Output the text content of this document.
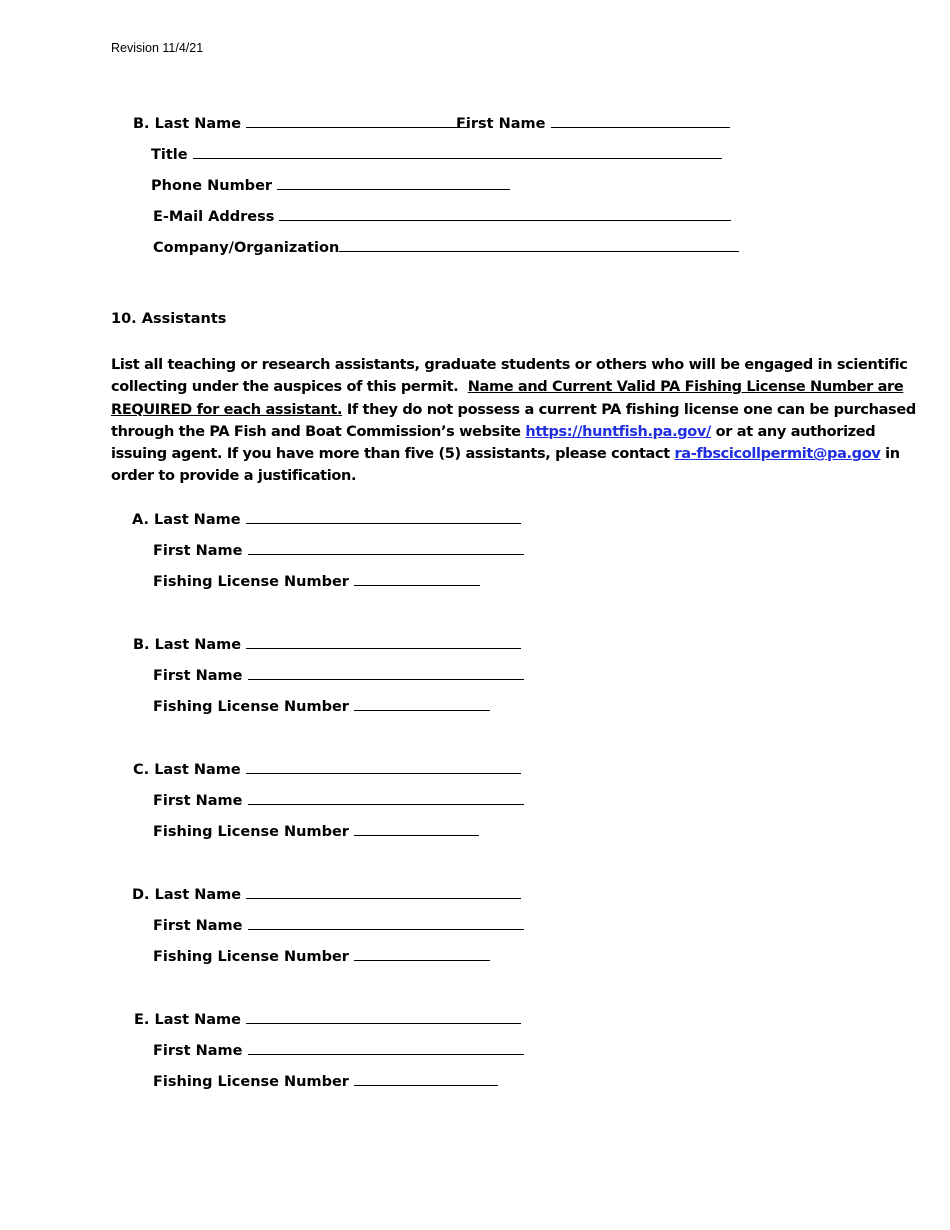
Revision 11/4/21
B. Last Name	First Name
Title
Phone Number
E-Mail Address
Company/Organization
10. Assistants

List all teaching or research assistants, graduate students or others who will be engaged in scientific

collecting under the auspices of this permit. Name and Current Valid PA Fishing License Number are

REQUIRED for each assistant. If they do not possess a current PA fishing license one can be purchased

through the PA Fish and Boat Commission’s website https://huntfish.pa.gov/ or at any authorized

issuing agent. If you have more than five (5) assistants, please contact ra-fbscicollpermit@pa.gov in

order to provide a justification.

A. Last Name
First Name
Fishing License Number
B. Last Name
First Name
Fishing License Number
C. Last Name
First Name
Fishing License Number
D. Last Name
First Name
Fishing License Number
E. Last Name
First Name
Fishing License Number
